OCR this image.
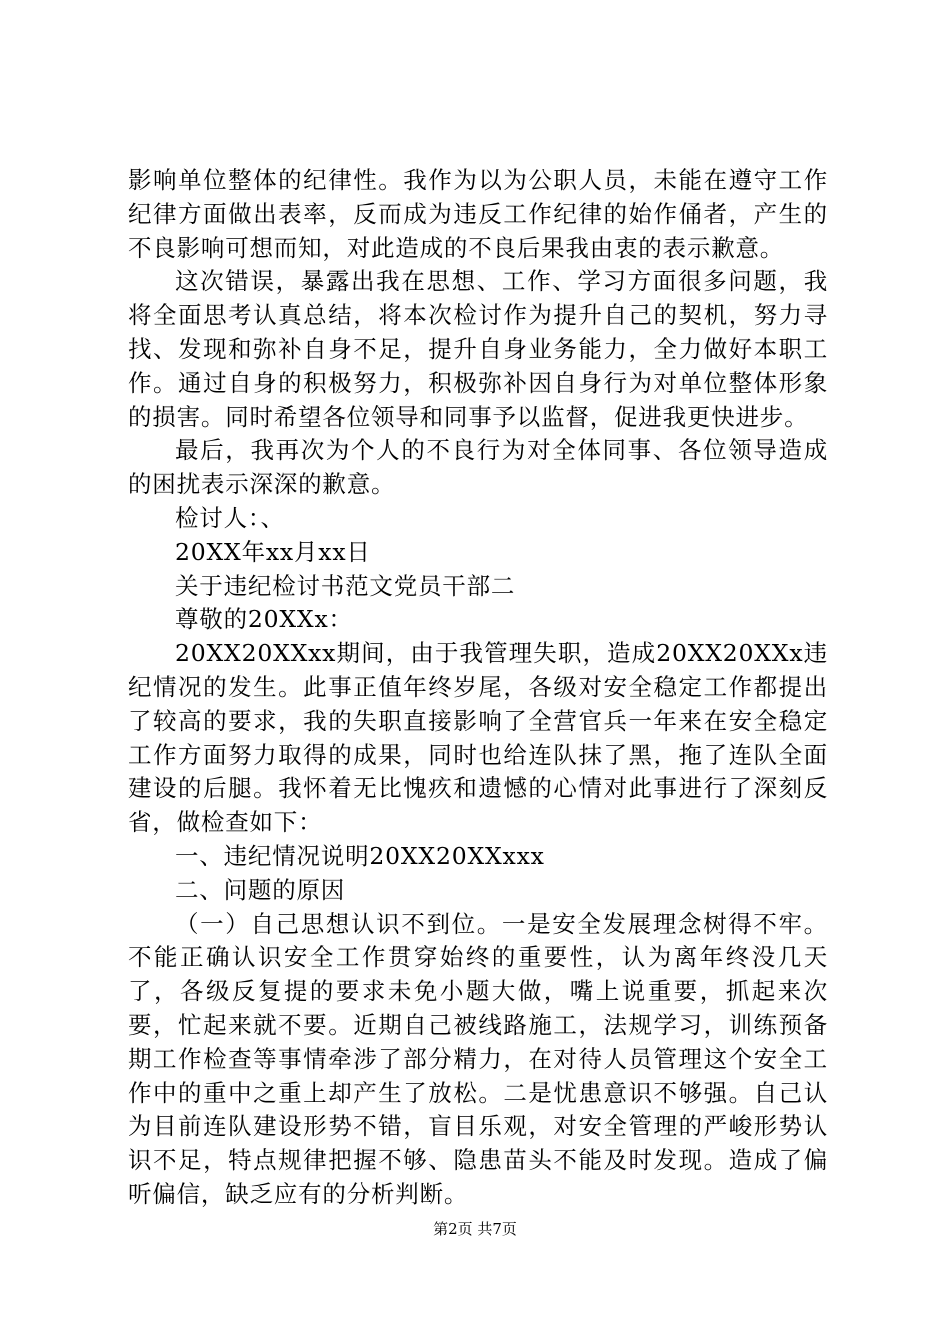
影响单位整体的纪律性。我作为以为公职人员，未能在遵守工作纪律方面做出表率，反而成为违反工作纪律的始作俑者，产生的不良影响可想而知，对此造成的不良后果我由衷的表示歉意。

这次错误，暴露出我在思想、工作、学习方面很多问题，我将全面思考认真总结，将本次检讨作为提升自己的契机，努力寻找、发现和弥补自身不足，提升自身业务能力，全力做好本职工作。通过自身的积极努力，积极弥补因自身行为对单位整体形象的损害。同时希望各位领导和同事予以监督，促进我更快进步。

最后，我再次为个人的不良行为对全体同事、各位领导造成的困扰表示深深的歉意。

检讨人：、

20XX年xx月xx日

关于违纪检讨书范文党员干部二

尊敬的20XXx：

20XX20XXxx期间，由于我管理失职，造成20XX20XXx违纪情况的发生。此事正值年终岁尾，各级对安全稳定工作都提出了较高的要求，我的失职直接影响了全营官兵一年来在安全稳定工作方面努力取得的成果，同时也给连队抹了黑，拖了连队全面建设的后腿。我怀着无比愧疚和遗憾的心情对此事进行了深刻反省，做检查如下：

一、违纪情况说明20XX20XXxxx

二、问题的原因

（一）自己思想认识不到位。一是安全发展理念树得不牢。不能正确认识安全工作贯穿始终的重要性，认为离年终没几天了，各级反复提的要求未免小题大做，嘴上说重要，抓起来次要，忙起来就不要。近期自己被线路施工，法规学习，训练预备期工作检查等事情牵涉了部分精力，在对待人员管理这个安全工作中的重中之重上却产生了放松。二是忧患意识不够强。自己认为目前连队建设形势不错，盲目乐观，对安全管理的严峻形势认识不足，特点规律把握不够、隐患苗头不能及时发现。造成了偏听偏信，缺乏应有的分析判断。

第2页 共7页
